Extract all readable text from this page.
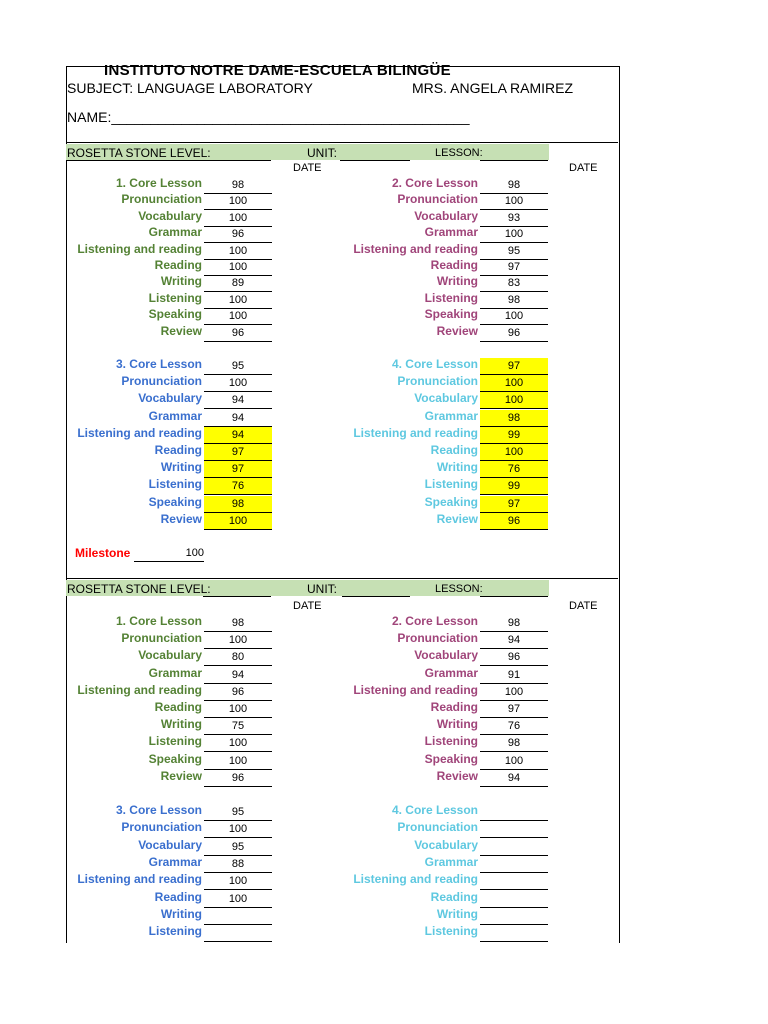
INSTITUTO NOTRE DAME-ESCUELA BILINGÜE
SUBJECT: LANGUAGE LABORATORY	MRS. ANGELA RAMIREZ
NAME:______________________________________________
ROSETTA STONE LEVEL:	UNIT:	LESSON:
DATE	DATE
1. Core Lesson	98
Pronunciation	100
Vocabulary	100
Grammar	96
Listening and reading	100
Reading	100
Writing	89
Listening	100
Speaking	100
Review	96
2. Core Lesson	98
Pronunciation	100
Vocabulary	93
Grammar	100
Listening and reading	95
Reading	97
Writing	83
Listening	98
Speaking	100
Review	96
3. Core Lesson	95
Pronunciation	100
Vocabulary	94
Grammar	94
Listening and reading	94
Reading	97
Writing	97
Listening	76
Speaking	98
Review	100
4. Core Lesson	97
Pronunciation	100
Vocabulary	100
Grammar	98
Listening and reading	99
Reading	100
Writing	76
Listening	99
Speaking	97
Review	96
Milestone	100
ROSETTA STONE LEVEL:	UNIT:	LESSON:
DATE	DATE
1. Core Lesson	98
Pronunciation	100
Vocabulary	80
Grammar	94
Listening and reading	96
Reading	100
Writing	75
Listening	100
Speaking	100
Review	96
2. Core Lesson	98
Pronunciation	94
Vocabulary	96
Grammar	91
Listening and reading	100
Reading	97
Writing	76
Listening	98
Speaking	100
Review	94
3. Core Lesson	95
Pronunciation	100
Vocabulary	95
Grammar	88
Listening and reading	100
Reading	100
Writing
Listening
4. Core Lesson
Pronunciation
Vocabulary
Grammar
Listening and reading
Reading
Writing
Listening
